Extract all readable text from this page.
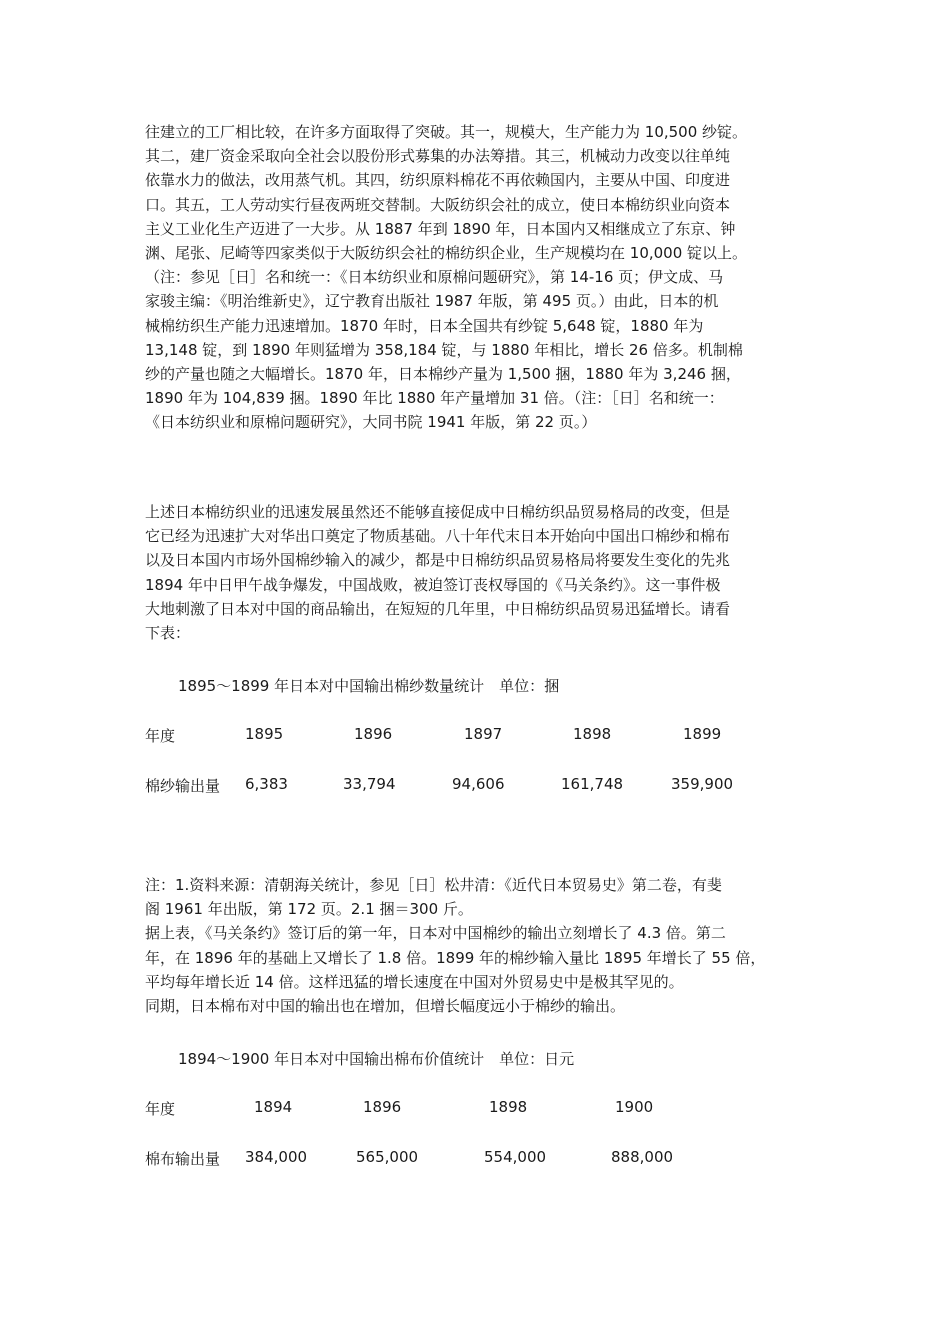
往建立的工厂相比较，在许多方面取得了突破。其一，规模大，生产能力为 10,500 纱锭。
其二，建厂资金采取向全社会以股份形式募集的办法筹措。其三，机械动力改变以往单纯
依靠水力的做法，改用蒸气机。其四，纺织原料棉花不再依赖国内，主要从中国、印度进
口。其五，工人劳动实行昼夜两班交替制。大阪纺织会社的成立，使日本棉纺织业向资本
主义工业化生产迈进了一大步。从 1887 年到 1890 年，日本国内又相继成立了东京、钟
渊、尾张、尼崎等四家类似于大阪纺织会社的棉纺织企业，生产规模均在 10,000 锭以上。
（注：参见［日］名和统一：《日本纺织业和原棉问题研究》，第 14-16 页；伊文成、马
家骏主编：《明治维新史》，辽宁教育出版社 1987 年版，第 495 页。）由此，日本的机
械棉纺织生产能力迅速增加。1870 年时，日本全国共有纱锭 5,648 锭，1880 年为
13,148 锭，到 1890 年则猛增为 358,184 锭，与 1880 年相比，增长 26 倍多。机制棉
纱的产量也随之大幅增长。1870 年，日本棉纱产量为 1,500 捆，1880 年为 3,246 捆，
1890 年为 104,839 捆。1890 年比 1880 年产量增加 31 倍。（注：［日］名和统一：
《日本纺织业和原棉问题研究》，大同书院 1941 年版，第 22 页。）
上述日本棉纺织业的迅速发展虽然还不能够直接促成中日棉纺织品贸易格局的改变，但是
它已经为迅速扩大对华出口奠定了物质基础。八十年代末日本开始向中国出口棉纱和棉布
以及日本国内市场外国棉纱输入的减少，都是中日棉纺织品贸易格局将要发生变化的先兆
1894 年中日甲午战争爆发，中国战败，被迫签订丧权辱国的《马关条约》。这一事件极
大地刺激了日本对中国的商品输出，在短短的几年里，中日棉纺织品贸易迅猛增长。请看
下表：
1895～1899 年日本对中国输出棉纱数量统计　单位：捆
年度	1895	1896	1897	1898	1899
棉纱输出量 6,383	33,794	94,606	161,748	359,900
注：1.资料来源：清朝海关统计，参见［日］松井清：《近代日本贸易史》第二卷，有斐
阁 1961 年出版，第 172 页。2.1 捆＝300 斤。
据上表，《马关条约》签订后的第一年，日本对中国棉纱的输出立刻增长了 4.3 倍。第二
年，在 1896 年的基础上又增长了 1.8 倍。1899 年的棉纱输入量比 1895 年增长了 55 倍，
平均每年增长近 14 倍。这样迅猛的增长速度在中国对外贸易史中是极其罕见的。
同期，日本棉布对中国的输出也在增加，但增长幅度远小于棉纱的输出。
1894～1900 年日本对中国输出棉布价值统计　单位：日元
年度	1894	1896	1898	1900
棉布输出量 384,000	565,000	554,000	888,000
